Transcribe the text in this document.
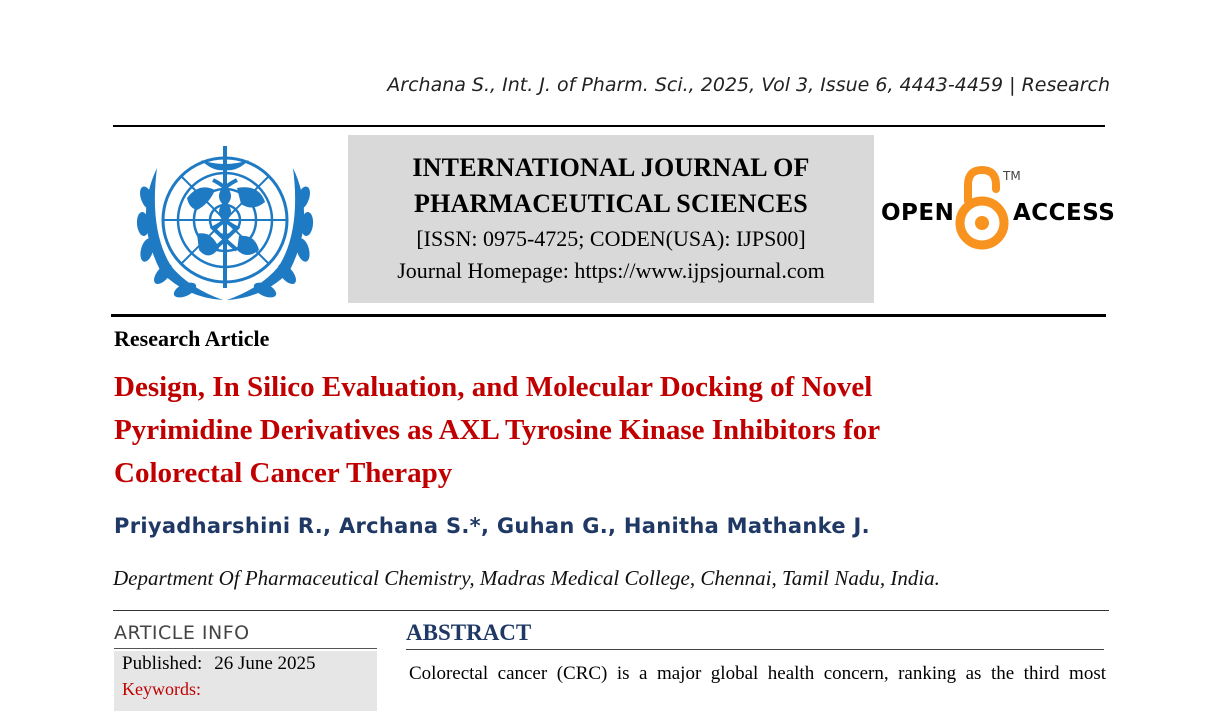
Archana S., Int. J. of Pharm. Sci., 2025, Vol 3, Issue 6, 4443-4459 | Research
INTERNATIONAL JOURNAL OF
PHARMACEUTICAL SCIENCES
[ISSN: 0975-4725; CODEN(USA): IJPS00]
Journal Homepage: https://www.ijpsjournal.com
OPEN
TM
ACCESS
Research Article
Design, In Silico Evaluation, and Molecular Docking of Novel
Pyrimidine Derivatives as AXL Tyrosine Kinase Inhibitors for
Colorectal Cancer Therapy
Priyadharshini R., Archana S.*, Guhan G., Hanitha Mathanke J.
Department Of Pharmaceutical Chemistry, Madras Medical College, Chennai, Tamil Nadu, India.
ARTICLE INFO
Published: 26 June 2025
Keywords:
ABSTRACT
Colorectal cancer (CRC) is a major global health concern, ranking as the third most
